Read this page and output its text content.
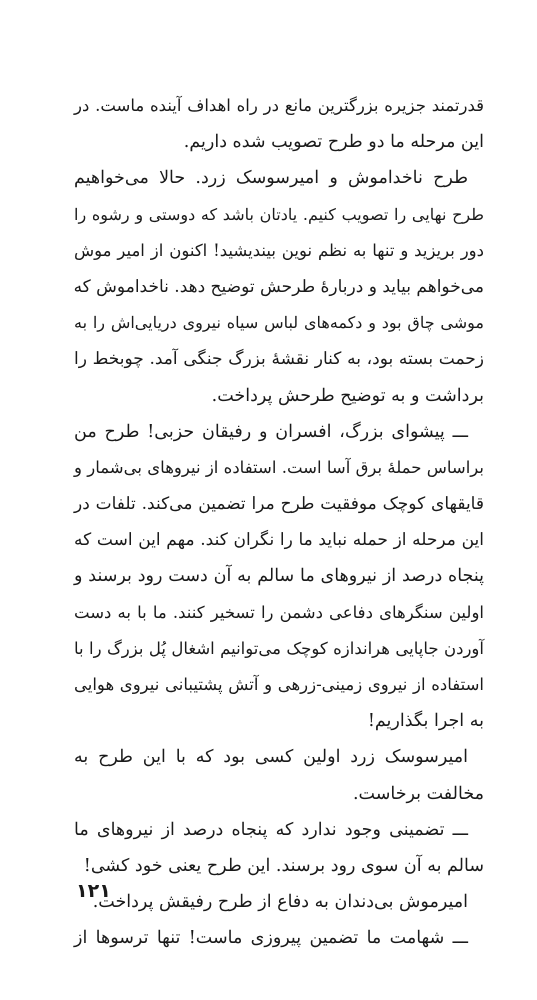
قدرتمند جزیره بزرگترین مانع در راه اهداف آینده ماست. در
این مرحله ما دو طرح تصویب شده داریم.
طرح ناخداموش و امیرسوسک زرد. حالا می‌خواهیم
طرح نهایی را تصویب کنیم. یادتان باشد که دوستی و رشوه را
دور بریزید و تنها به نظم نوین بیندیشید! اکنون از امیر موش
می‌خواهم بیاید و دربارهٔ طرحش توضیح دهد. ناخداموش که
موشی چاق بود و دکمه‌های لباس سیاه نیروی دریایی‌اش را به
زحمت بسته بود، به کنار نقشهٔ بزرگ جنگی آمد. چوبخط را
برداشت و به توضیح طرحش پرداخت.
ـــ پیشوای بزرگ، افسران و رفیقان حزبی! طرح من
براساس حملهٔ برق آسا است. استفاده از نیروهای بی‌شمار و
قایقهای کوچک موفقیت طرح مرا تضمین می‌کند. تلفات در
این مرحله از حمله نباید ما را نگران کند. مهم این است که
پنجاه درصد از نیروهای ما سالم به آن دست رود برسند و
اولین سنگرهای دفاعی دشمن را تسخیر کنند. ما با به دست
آوردن جاپایی هراندازه کوچک می‌توانیم اشغال پُل بزرگ را با
استفاده از نیروی زمینی-زرهی و آتش پشتیبانی نیروی هوایی
به اجرا بگذاریم!
امیرسوسک زرد اولین کسی بود که با این طرح به
مخالفت برخاست.
ـــ تضمینی وجود ندارد که پنجاه درصد از نیروهای ما
سالم به آن سوی رود برسند. این طرح یعنی خود کشی!
امیرموش بی‌دندان به دفاع از طرح رفیقش پرداخت.
ـــ شهامت ما تضمین پیروزی ماست! تنها ترسوها از
۱۲۱
